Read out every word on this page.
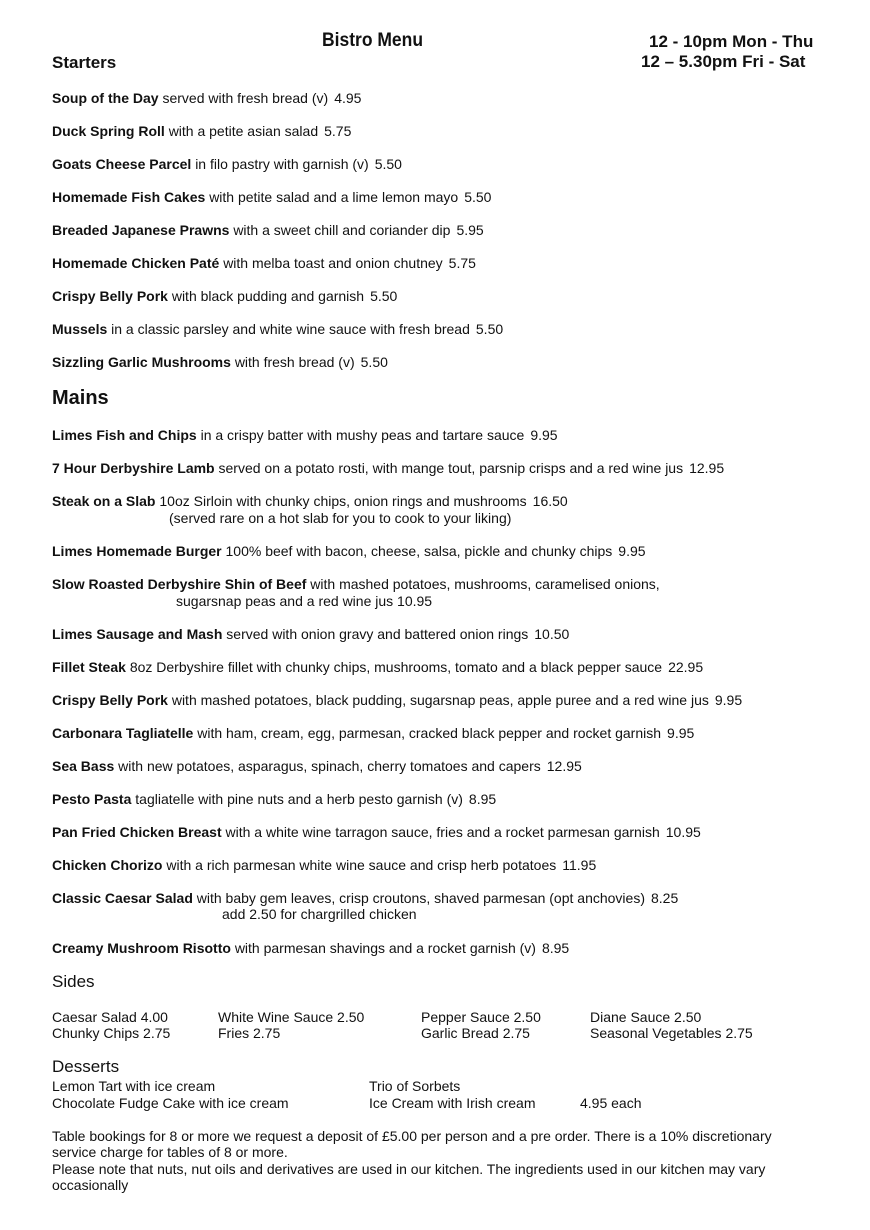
Bistro Menu	12 - 10pm Mon - Thu
12 – 5.30pm Fri - Sat
Starters
Soup of the Day served with fresh bread (v) 4.95
Duck Spring Roll with a petite asian salad 5.75
Goats Cheese Parcel in filo pastry with garnish (v) 5.50
Homemade Fish Cakes with petite salad and a lime lemon mayo 5.50
Breaded Japanese Prawns with a sweet chill and coriander dip 5.95
Homemade Chicken Paté with melba toast and onion chutney 5.75
Crispy Belly Pork with black pudding and garnish 5.50
Mussels in a classic parsley and white wine sauce with fresh bread 5.50
Sizzling Garlic Mushrooms with fresh bread (v) 5.50
Mains
Limes Fish and Chips in a crispy batter with mushy peas and tartare sauce 9.95
7 Hour Derbyshire Lamb served on a potato rosti, with mange tout, parsnip crisps and a red wine jus 12.95
Steak on a Slab 10oz Sirloin with chunky chips, onion rings and mushrooms 16.50
(served rare on a hot slab for you to cook to your liking)
Limes Homemade Burger 100% beef with bacon, cheese, salsa, pickle and chunky chips 9.95
Slow Roasted Derbyshire Shin of Beef with mashed potatoes, mushrooms, caramelised onions,
sugarsnap peas and a red wine jus 10.95
Limes Sausage and Mash served with onion gravy and battered onion rings 10.50
Fillet Steak 8oz Derbyshire fillet with chunky chips, mushrooms, tomato and a black pepper sauce 22.95
Crispy Belly Pork with mashed potatoes, black pudding, sugarsnap peas, apple puree and a red wine jus 9.95
Carbonara Tagliatelle with ham, cream, egg, parmesan, cracked black pepper and rocket garnish 9.95
Sea Bass with new potatoes, asparagus, spinach, cherry tomatoes and capers 12.95
Pesto Pasta tagliatelle with pine nuts and a herb pesto garnish (v) 8.95
Pan Fried Chicken Breast with a white wine tarragon sauce, fries and a rocket parmesan garnish 10.95
Chicken Chorizo with a rich parmesan white wine sauce and crisp herb potatoes 11.95
Classic Caesar Salad with baby gem leaves, crisp croutons, shaved parmesan (opt anchovies) 8.25
add 2.50 for chargrilled chicken
Creamy Mushroom Risotto with parmesan shavings and a rocket garnish (v) 8.95
Sides
Caesar Salad 4.00	White Wine Sauce 2.50	Pepper Sauce 2.50	Diane Sauce 2.50
Chunky Chips 2.75	Fries 2.75	Garlic Bread 2.75	Seasonal Vegetables 2.75
Desserts
Lemon Tart with ice cream	Trio of Sorbets
Chocolate Fudge Cake with ice cream	Ice Cream with Irish cream	4.95 each
Table bookings for 8 or more we request a deposit of £5.00 per person and a pre order. There is a 10% discretionary service charge for tables of 8 or more.
Please note that nuts, nut oils and derivatives are used in our kitchen. The ingredients used in our kitchen may vary occasionally
